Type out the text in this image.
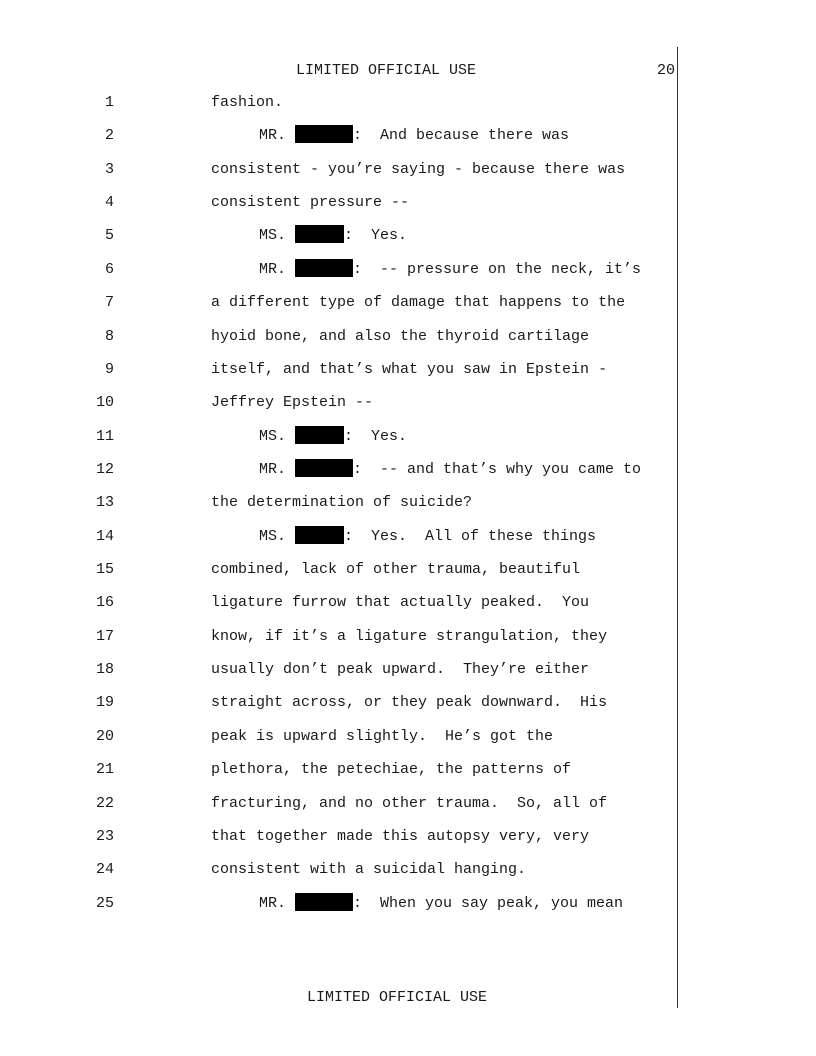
LIMITED OFFICIAL USE	20
1	fashion.
2	MR.	:  And because there was
3	consistent - you’re saying - because there was
4	consistent pressure --
5	MS.	:  Yes.
6	MR.	:  -- pressure on the neck, it’s
7	a different type of damage that happens to the
8	hyoid bone, and also the thyroid cartilage
9	itself, and that’s what you saw in Epstein -
10	Jeffrey Epstein --
11	MS.	:  Yes.
12	MR.	:  -- and that’s why you came to
13	the determination of suicide?
14	MS.	:  Yes.  All of these things
15	combined, lack of other trauma, beautiful
16	ligature furrow that actually peaked.  You
17	know, if it’s a ligature strangulation, they
18	usually don’t peak upward.  They’re either
19	straight across, or they peak downward.  His
20	peak is upward slightly.  He’s got the
21	plethora, the petechiae, the patterns of
22	fracturing, and no other trauma.  So, all of
23	that together made this autopsy very, very
24	consistent with a suicidal hanging.
25	MR.	:  When you say peak, you mean
LIMITED OFFICIAL USE
